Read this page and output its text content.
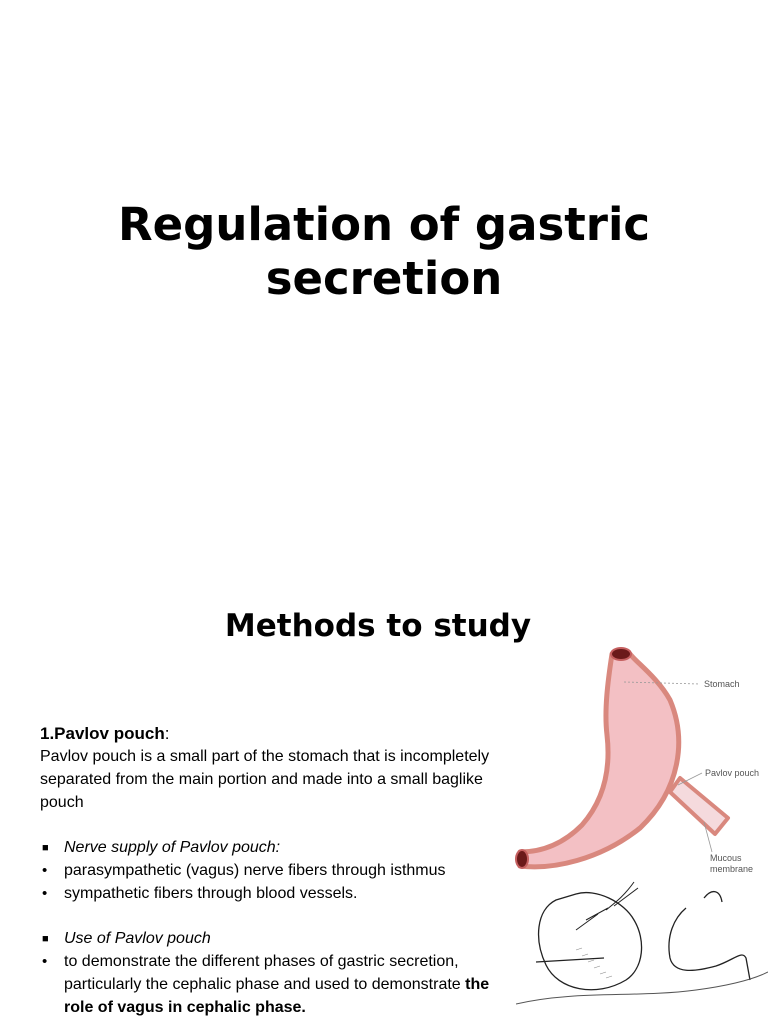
Regulation of gastric secretion
Methods to study

1.Pavlov pouch:

Pavlov pouch is a small part of the stomach that is incompletely separated from the main portion and made into a small baglike pouch

■ Nerve supply of Pavlov pouch:
• parasympathetic (vagus) nerve fibers through isthmus
• sympathetic fibers through blood vessels.
■ Use of Pavlov pouch
• to demonstrate the different phases of gastric secretion, particularly the cephalic phase and used to demonstrate the role of vagus in cephalic phase.
Stomach
Pavlov pouch
Mucous
membrane
